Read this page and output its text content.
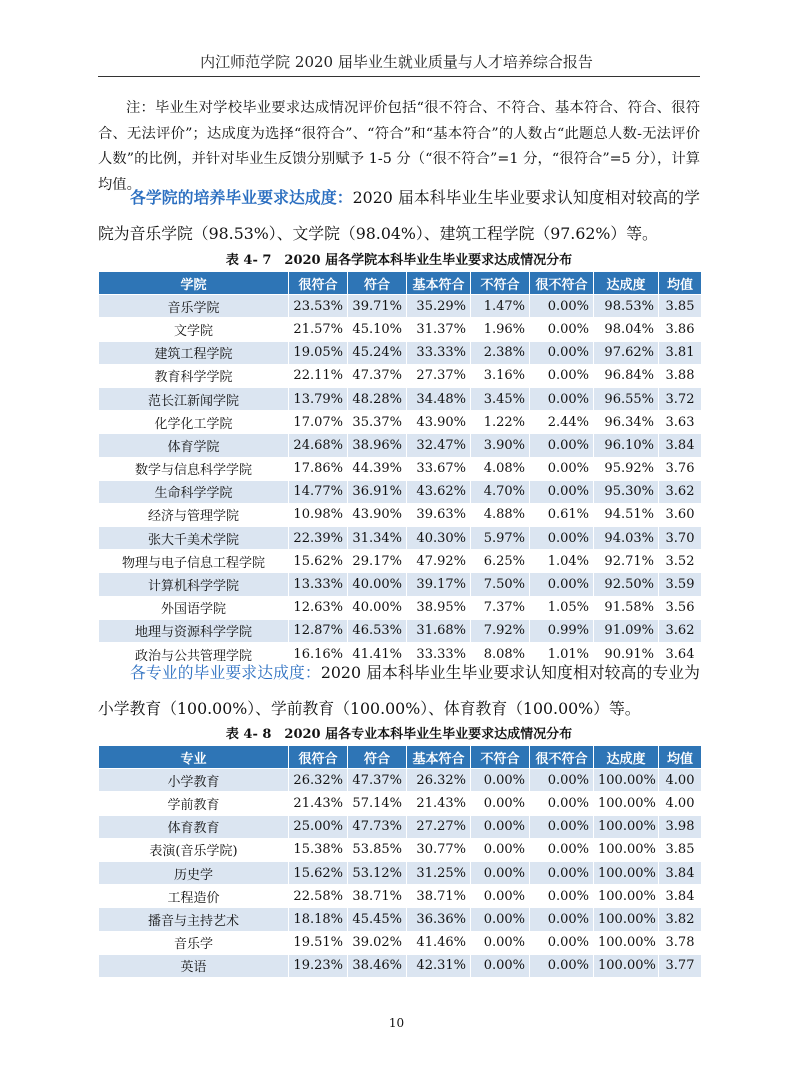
内江师范学院 2020 届毕业生就业质量与人才培养综合报告
注：毕业生对学校毕业要求达成情况评价包括“很不符合、不符合、基本符合、符合、很符合、无法评价”；达成度为选择“很符合”、“符合”和“基本符合”的人数占“此题总人数-无法评价人数”的比例，并针对毕业生反馈分别赋予 1-5 分（“很不符合”=1 分，“很符合”=5 分），计算均值。
各学院的培养毕业要求达成度：2020 届本科毕业生毕业要求认知度相对较高的学院为音乐学院（98.53%）、文学院（98.04%）、建筑工程学院（97.62%）等。
表 4- 7　2020 届各学院本科毕业生毕业要求达成情况分布
学院	很符合	符合	基本符合	不符合	很不符合	达成度	均值
音乐学院	23.53%	39.71%	35.29%	1.47%	0.00%	98.53%	3.85
文学院	21.57%	45.10%	31.37%	1.96%	0.00%	98.04%	3.86
建筑工程学院	19.05%	45.24%	33.33%	2.38%	0.00%	97.62%	3.81
教育科学学院	22.11%	47.37%	27.37%	3.16%	0.00%	96.84%	3.88
范长江新闻学院	13.79%	48.28%	34.48%	3.45%	0.00%	96.55%	3.72
化学化工学院	17.07%	35.37%	43.90%	1.22%	2.44%	96.34%	3.63
体育学院	24.68%	38.96%	32.47%	3.90%	0.00%	96.10%	3.84
数学与信息科学学院	17.86%	44.39%	33.67%	4.08%	0.00%	95.92%	3.76
生命科学学院	14.77%	36.91%	43.62%	4.70%	0.00%	95.30%	3.62
经济与管理学院	10.98%	43.90%	39.63%	4.88%	0.61%	94.51%	3.60
张大千美术学院	22.39%	31.34%	40.30%	5.97%	0.00%	94.03%	3.70
物理与电子信息工程学院	15.62%	29.17%	47.92%	6.25%	1.04%	92.71%	3.52
计算机科学学院	13.33%	40.00%	39.17%	7.50%	0.00%	92.50%	3.59
外国语学院	12.63%	40.00%	38.95%	7.37%	1.05%	91.58%	3.56
地理与资源科学学院	12.87%	46.53%	31.68%	7.92%	0.99%	91.09%	3.62
政治与公共管理学院	16.16%	41.41%	33.33%	8.08%	1.01%	90.91%	3.64
各专业的毕业要求达成度：2020 届本科毕业生毕业要求认知度相对较高的专业为小学教育（100.00%）、学前教育（100.00%）、体育教育（100.00%）等。
表 4- 8　2020 届各专业本科毕业生毕业要求达成情况分布
专业	很符合	符合	基本符合	不符合	很不符合	达成度	均值
小学教育	26.32%	47.37%	26.32%	0.00%	0.00%	100.00%	4.00
学前教育	21.43%	57.14%	21.43%	0.00%	0.00%	100.00%	4.00
体育教育	25.00%	47.73%	27.27%	0.00%	0.00%	100.00%	3.98
表演(音乐学院)	15.38%	53.85%	30.77%	0.00%	0.00%	100.00%	3.85
历史学	15.62%	53.12%	31.25%	0.00%	0.00%	100.00%	3.84
工程造价	22.58%	38.71%	38.71%	0.00%	0.00%	100.00%	3.84
播音与主持艺术	18.18%	45.45%	36.36%	0.00%	0.00%	100.00%	3.82
音乐学	19.51%	39.02%	41.46%	0.00%	0.00%	100.00%	3.78
英语	19.23%	38.46%	42.31%	0.00%	0.00%	100.00%	3.77
10
